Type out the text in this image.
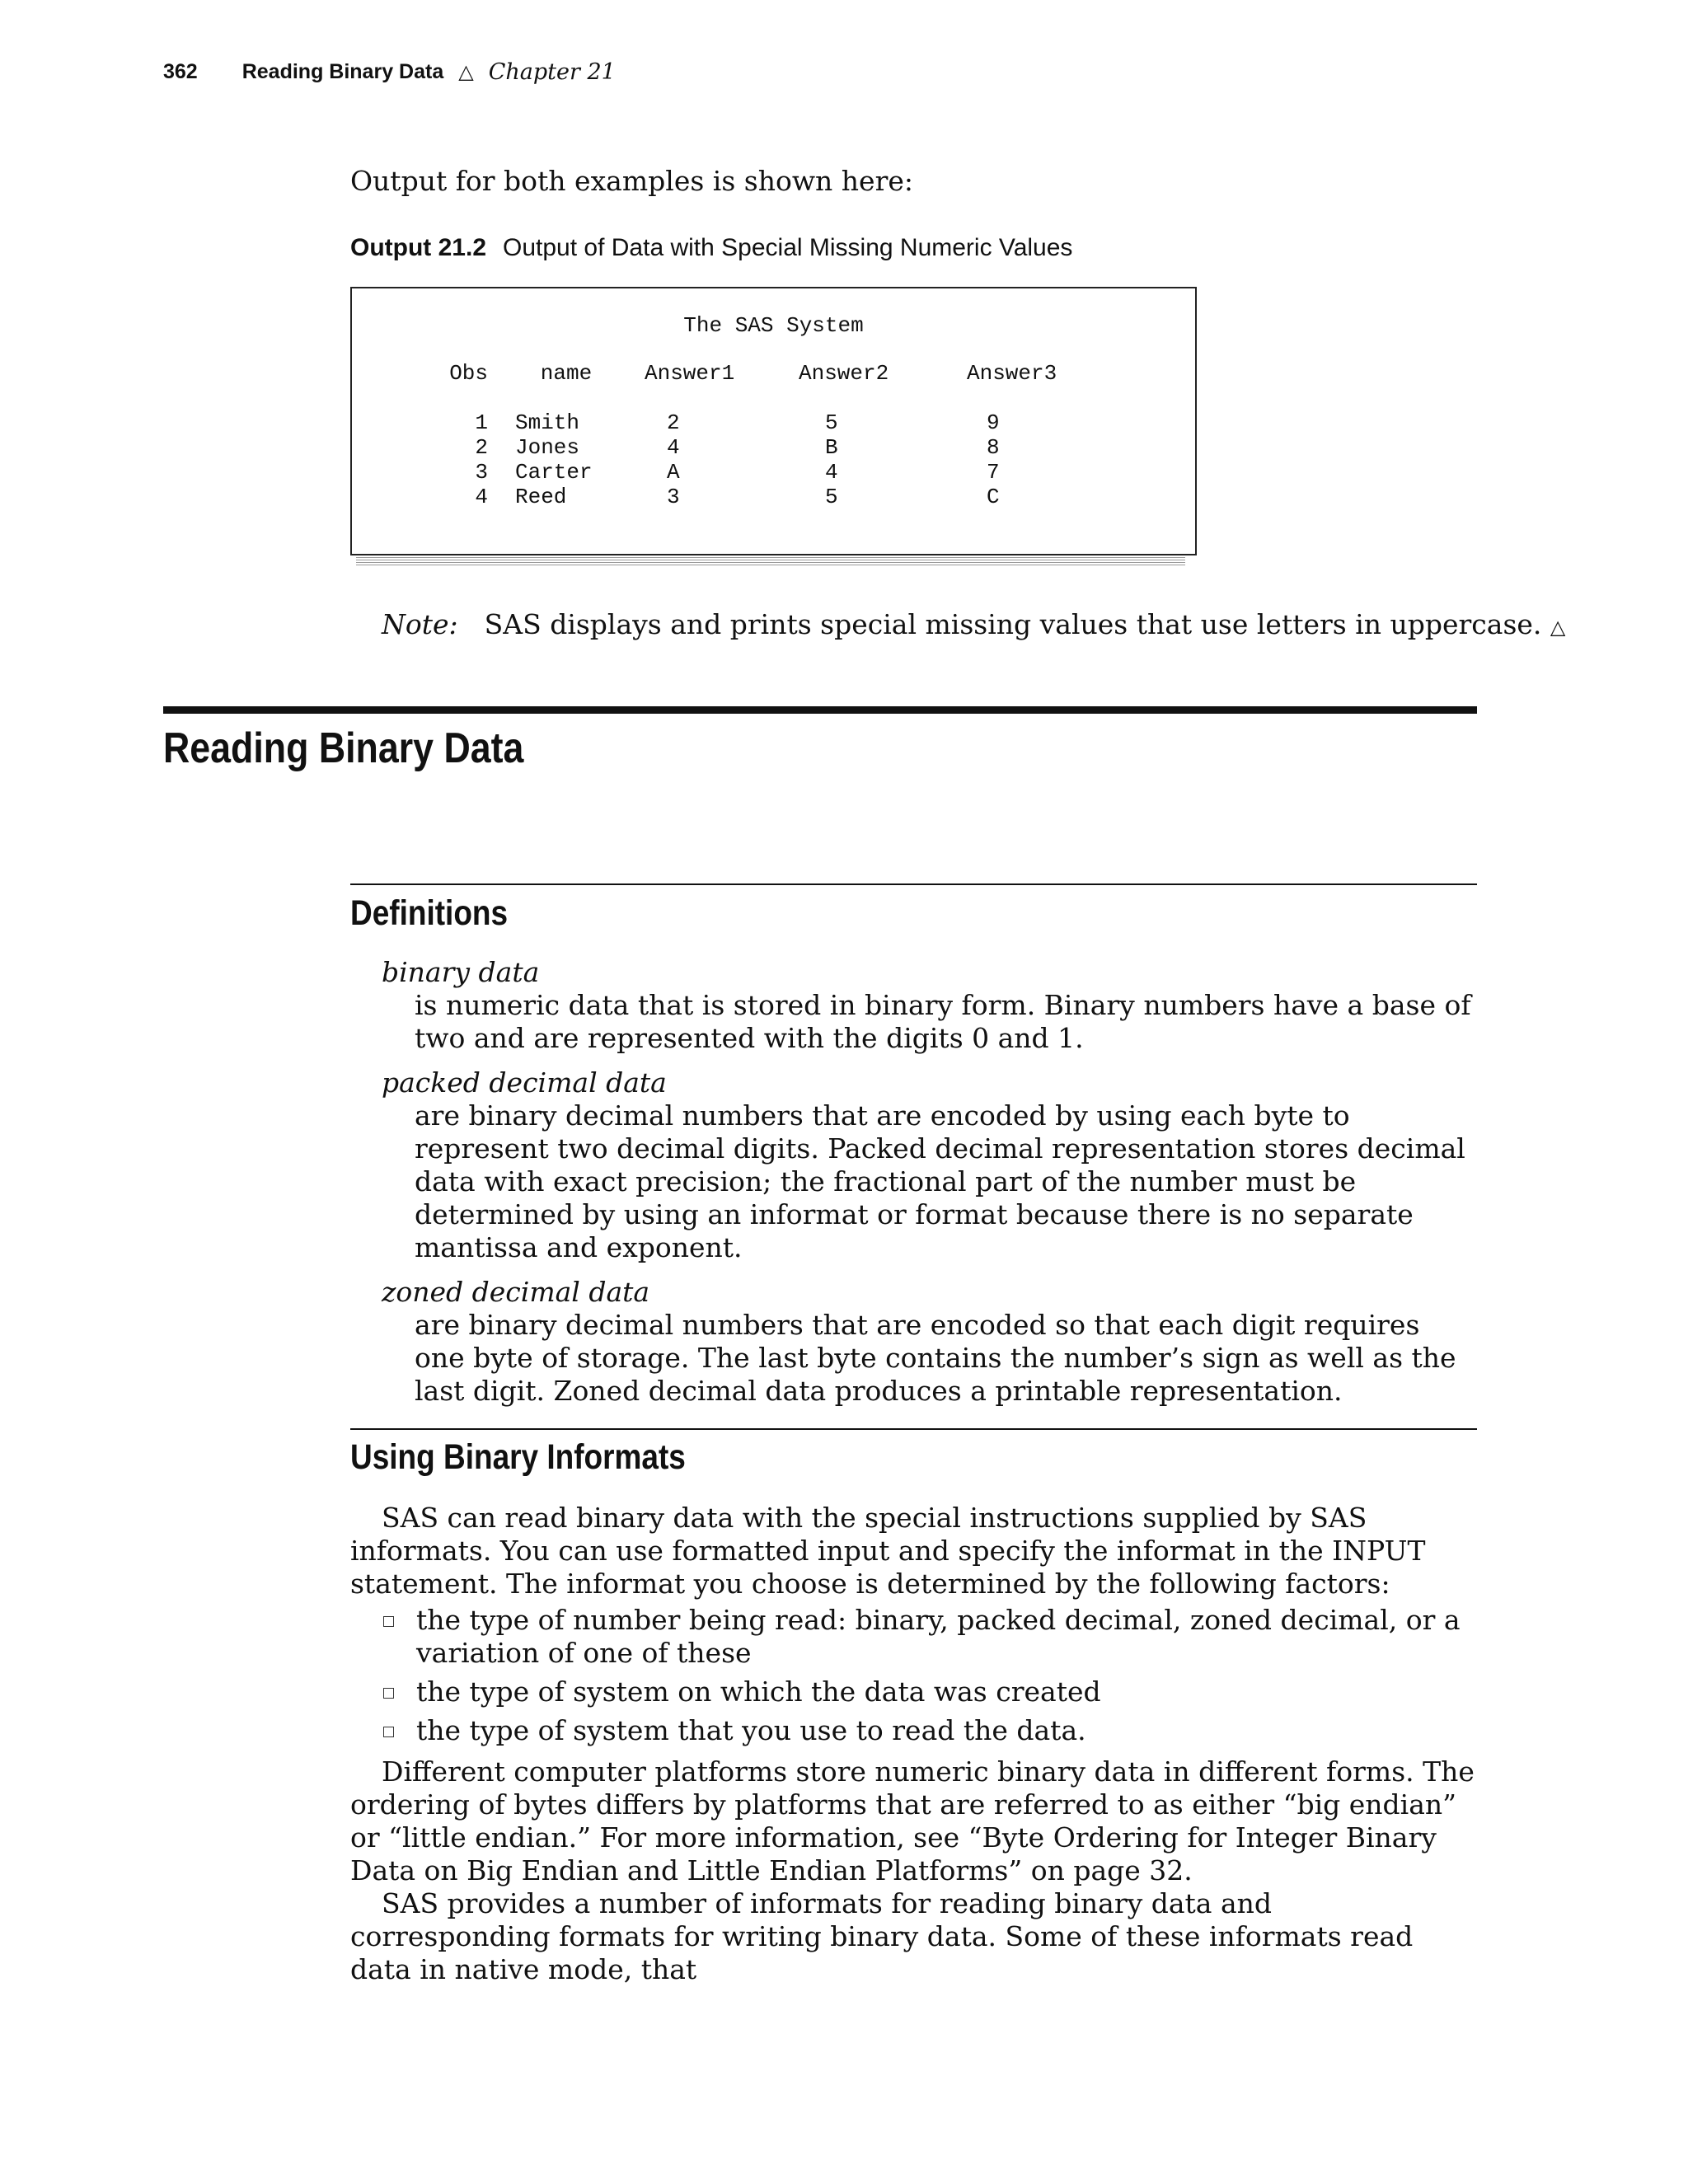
362 Reading Binary Data △ Chapter 21

Output for both examples is shown here:

Output 21.2 Output of Data with Special Missing Numeric Values
The SAS System
Obs	name	Answer1	Answer2	Answer3
1	Smith	2	5	9
2	Jones	4	B	8
3	Carter	A	4	7
4	Reed	3	5	C
Note: SAS displays and prints special missing values that use letters in uppercase. △
Reading Binary Data
Definitions
binary data
is numeric data that is stored in binary form. Binary numbers have a base of two and are represented with the digits 0 and 1.
packed decimal data
are binary decimal numbers that are encoded by using each byte to represent two decimal digits. Packed decimal representation stores decimal data with exact precision; the fractional part of the number must be determined by using an informat or format because there is no separate mantissa and exponent.
zoned decimal data
are binary decimal numbers that are encoded so that each digit requires one byte of storage. The last byte contains the number’s sign as well as the last digit. Zoned decimal data produces a printable representation.
Using Binary Informats

SAS can read binary data with the special instructions supplied by SAS informats. You can use formatted input and specify the informat in the INPUT statement. The informat you choose is determined by the following factors:

the type of number being read: binary, packed decimal, zoned decimal, or a variation of one of these
the type of system on which the data was created
the type of system that you use to read the data.

Different computer platforms store numeric binary data in different forms. The ordering of bytes differs by platforms that are referred to as either “big endian” or “little endian.” For more information, see “Byte Ordering for Integer Binary Data on Big Endian and Little Endian Platforms” on page 32.

SAS provides a number of informats for reading binary data and corresponding formats for writing binary data. Some of these informats read data in native mode, that
